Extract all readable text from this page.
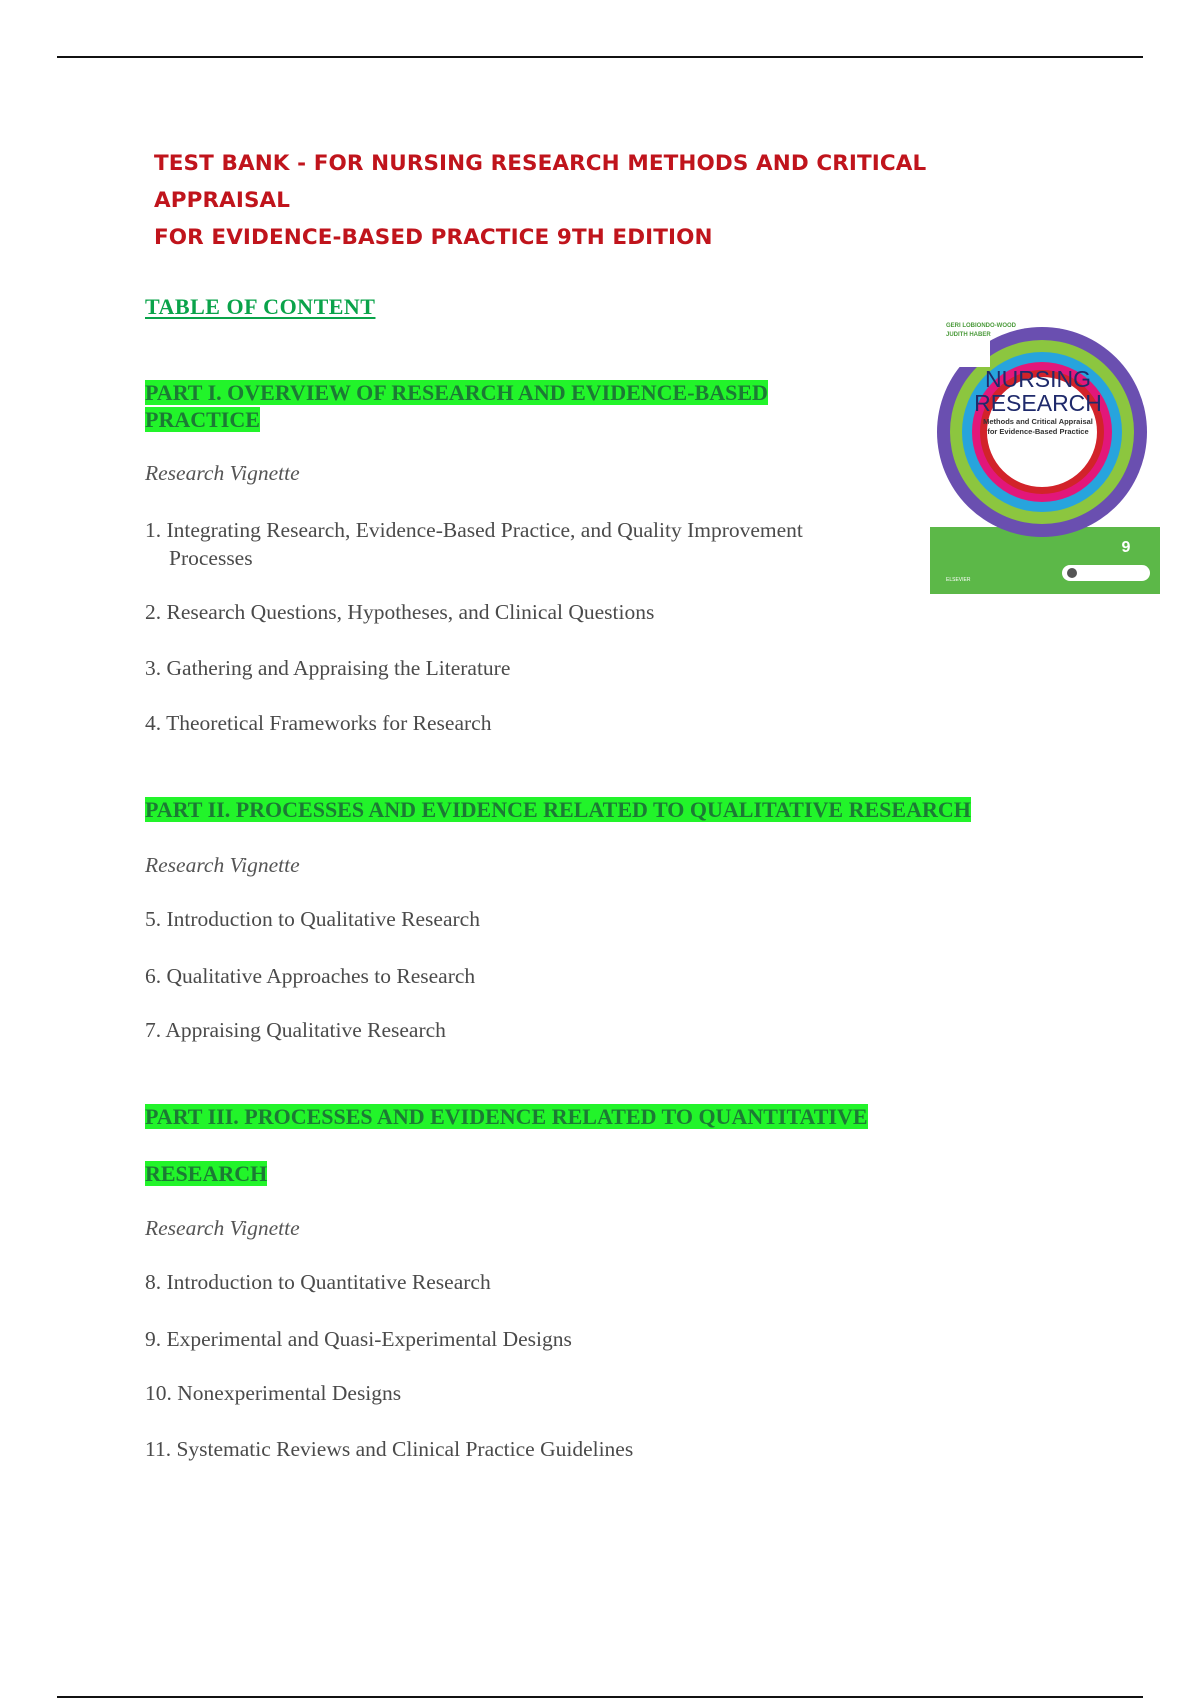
TEST BANK - FOR NURSING RESEARCH METHODS AND CRITICAL APPRAISAL
FOR EVIDENCE-BASED PRACTICE 9TH EDITION
TABLE OF CONTENT
PART I. OVERVIEW OF RESEARCH AND EVIDENCE-BASED
PRACTICE
Research Vignette
1. Integrating Research, Evidence-Based Practice, and Quality Improvement
Processes
2. Research Questions, Hypotheses, and Clinical Questions
3. Gathering and Appraising the Literature
4. Theoretical Frameworks for Research
PART II. PROCESSES AND EVIDENCE RELATED TO QUALITATIVE RESEARCH
Research Vignette
5. Introduction to Qualitative Research
6. Qualitative Approaches to Research
7. Appraising Qualitative Research
PART III. PROCESSES AND EVIDENCE RELATED TO QUANTITATIVE
RESEARCH
Research Vignette
8. Introduction to Quantitative Research
9. Experimental and Quasi-Experimental Designs
10. Nonexperimental Designs
11. Systematic Reviews and Clinical Practice Guidelines
GERI LOBIONDO-WOOD
JUDITH HABER
NURSING
RESEARCH
Methods and Critical Appraisal
for Evidence-Based Practice
9
ELSEVIER
